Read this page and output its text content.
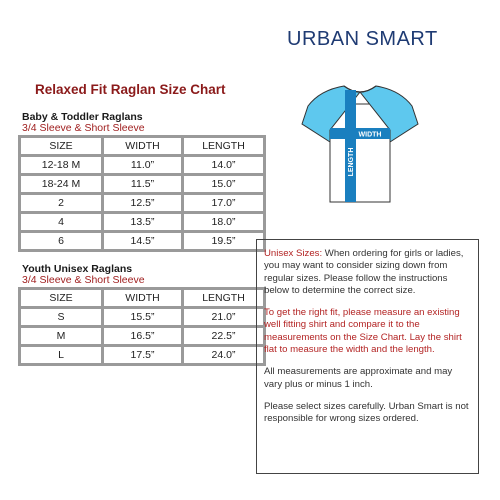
URBAN SMART
Relaxed Fit Raglan Size Chart
Baby & Toddler Raglans
3/4 Sleeve & Short Sleeve
SIZE	WIDTH	LENGTH
12-18 M	11.0”	14.0”
18-24 M	11.5”	15.0”
2	12.5”	17.0”
4	13.5”	18.0”
6	14.5”	19.5”
Youth Unisex Raglans
3/4 Sleeve & Short Sleeve
SIZE	WIDTH	LENGTH
S	15.5”	21.0”
M	16.5”	22.5”
L	17.5”	24.0”
WIDTH
LENGTH

Unisex Sizes: When ordering for girls or ladies, you may want to consider sizing down from regular sizes. Please follow the instructions below to determine the correct size.

To get the right fit, please measure an existing well fitting shirt and compare it to the measurements on the Size Chart. Lay the shirt flat to measure the width and the length.

All measurements are approximate and may vary plus or minus 1 inch.

Please select sizes carefully. Urban Smart is not responsible for wrong sizes ordered.
